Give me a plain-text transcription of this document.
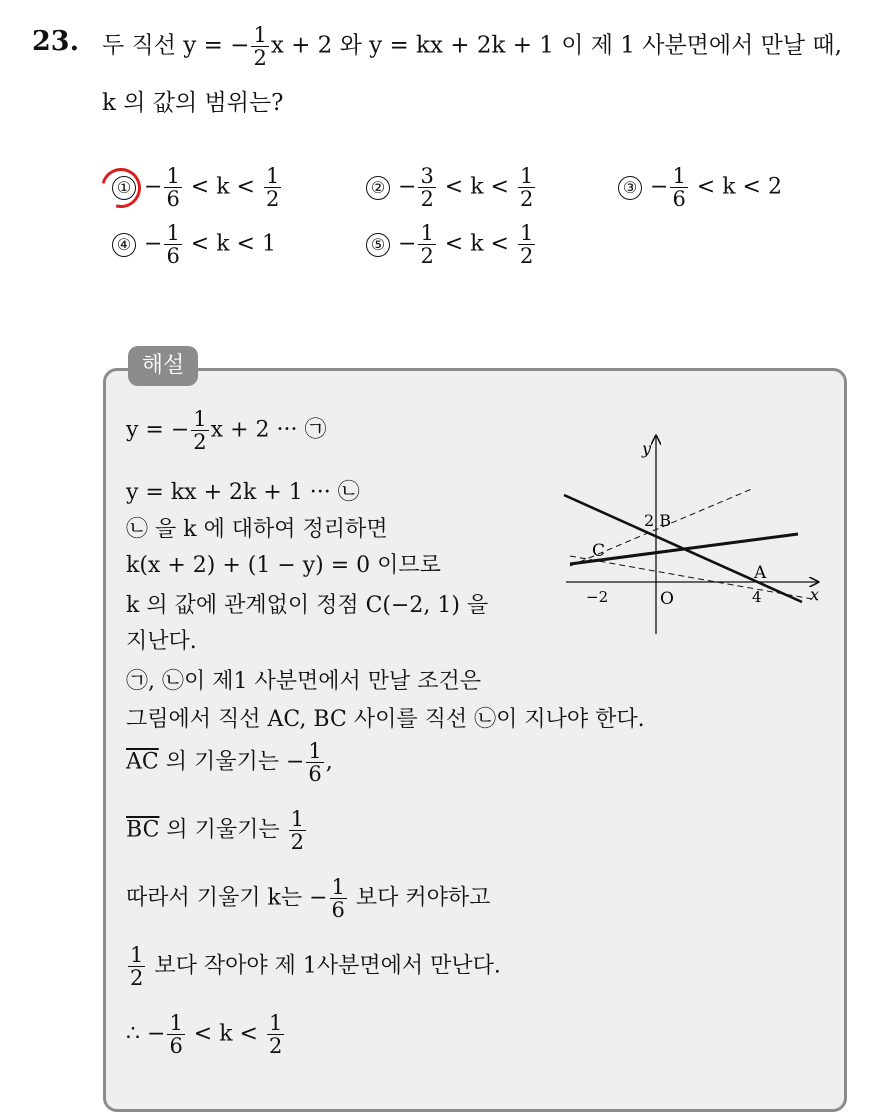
23. 두 직선 y = − $\frac{1}{2}$ x + 2 와 y = kx + 2k + 1 이 제 1 사분면에서 만날 때,
k 의 값의 범위는?
① − $\frac{1}{6} < k < \frac{1}{2}$	② − $\frac{3}{2} < k < \frac{1}{2}$	③ − $\frac{1}{6} < k < 2$
④ − $\frac{1}{6} < k < 1$	⑤ − $\frac{1}{2} < k < \frac{1}{2}$
해설
y = − $\frac{1}{2}$ x + 2 ··· ㉠
y = kx + 2k + 1 ··· ㉡
㉡ 을 k 에 대하여 정리하면
k(x + 2) + (1 − y) = 0 이므로
k 의 값에 관계없이 정점 C(−2, 1) 을
지난다.
㉠, ㉡이 제1 사분면에서 만날 조건은
그림에서 직선 AC, BC 사이를 직선 ㉡이 지나야 한다.
$\overline{AC}$ 의 기울기는 − $\frac{1}{6}$ ,
$\overline{BC}$ 의 기울기는 $\frac{1}{2}$
따라서 기울기 k는 − $\frac{1}{6}$ 보다 커야하고
$\frac{1}{2}$ 보다 작아야 제 1사분면에서 만난다.
∴ − $\frac{1}{6} < k < \frac{1}{2}$
y
x
2 B
C
A
O
−2	4
